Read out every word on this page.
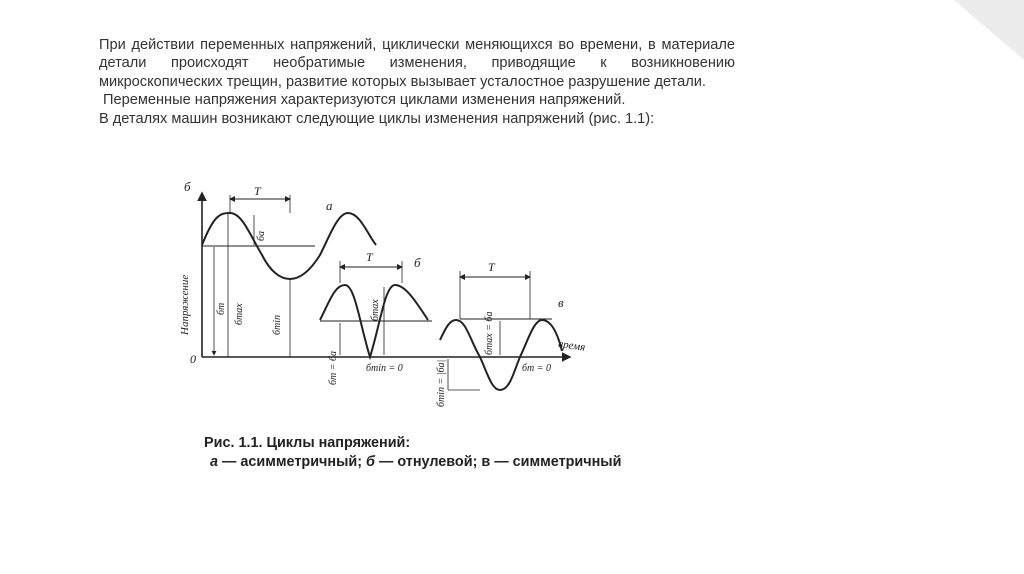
При действии переменных напряжений, циклически меняющихся во времени, в материале детали происходят необратимые изменения, приводящие к возникновению микроскопических трещин, развитие которых вызывает усталостное разрушение детали.

Переменные напряжения характеризуются циклами изменения напряжений.

В деталях машин возникают следующие циклы изменения напряжений (рис. 1.1):

б
0
Напряжение
время
T
а
бa
бm бmax	бmin
T	б
бmax
бm = бa	бmin = 0
T
в
бmax = бa
бmin = |бa|	бm = 0
Рис. 1.1. Циклы напряжений:
а — асимметричный; б — отнулевой; в — симметричный
